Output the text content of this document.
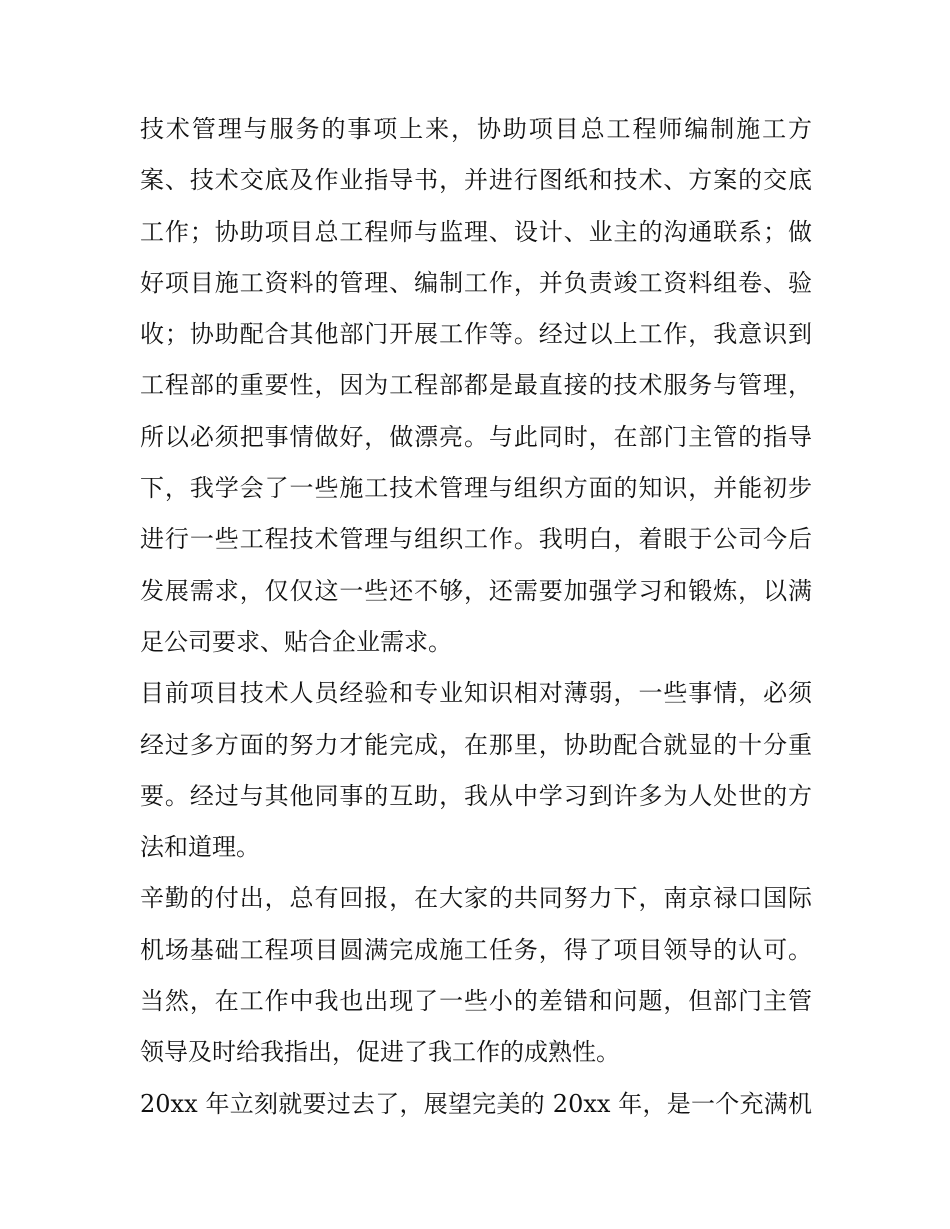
技术管理与服务的事项上来，协助项目总工程师编制施工方
案、技术交底及作业指导书，并进行图纸和技术、方案的交底
工作；协助项目总工程师与监理、设计、业主的沟通联系；做
好项目施工资料的管理、编制工作，并负责竣工资料组卷、验
收；协助配合其他部门开展工作等。经过以上工作，我意识到
工程部的重要性，因为工程部都是最直接的技术服务与管理，
所以必须把事情做好，做漂亮。与此同时，在部门主管的指导
下，我学会了一些施工技术管理与组织方面的知识，并能初步
进行一些工程技术管理与组织工作。我明白，着眼于公司今后
发展需求，仅仅这一些还不够，还需要加强学习和锻炼，以满
足公司要求、贴合企业需求。
目前项目技术人员经验和专业知识相对薄弱，一些事情，必须
经过多方面的努力才能完成，在那里，协助配合就显的十分重
要。经过与其他同事的互助，我从中学习到许多为人处世的方
法和道理。
辛勤的付出，总有回报，在大家的共同努力下，南京禄口国际
机场基础工程项目圆满完成施工任务，得了项目领导的认可。
当然，在工作中我也出现了一些小的差错和问题，但部门主管
领导及时给我指出，促进了我工作的成熟性。
20xx 年立刻就要过去了，展望完美的 20xx 年，是一个充满机
